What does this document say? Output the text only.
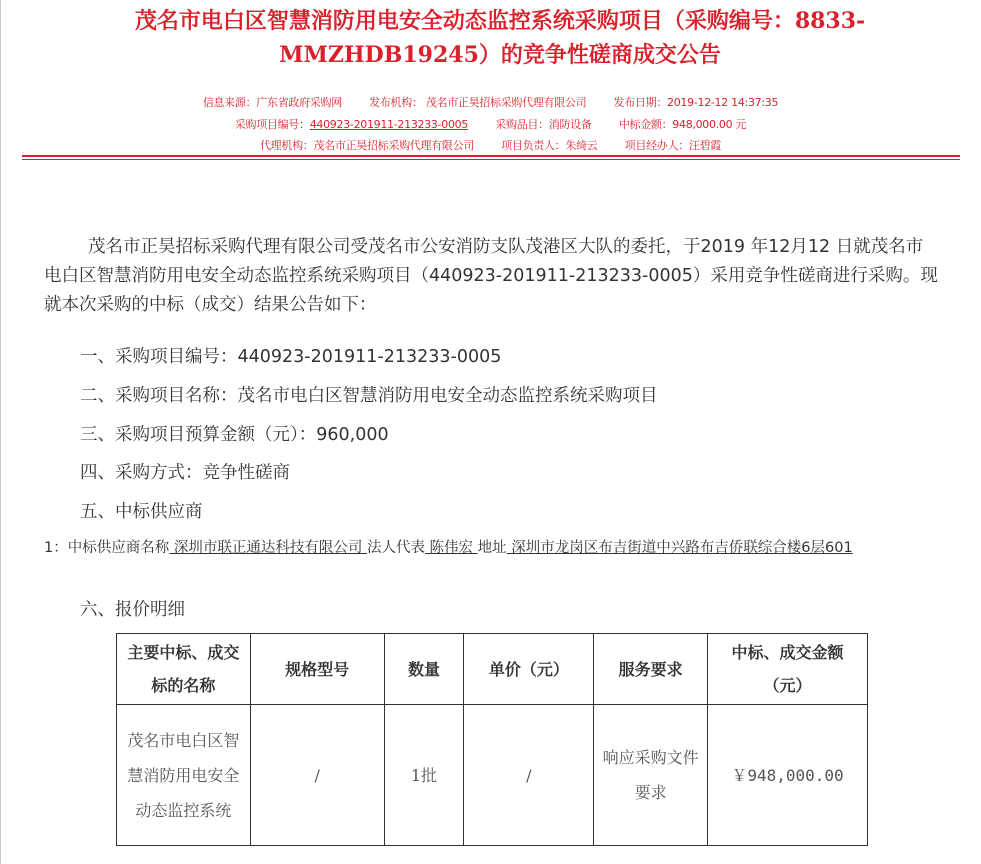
茂名市电白区智慧消防用电安全动态监控系统采购项目（采购编号：8833-MMZHDB19245）的竞争性磋商成交公告
信息来源：广东省政府采购网 发布机构： 茂名市正昊招标采购代理有限公司 发布日期：2019-12-12 14:37:35
采购项目编号：440923-201911-213233-0005 采购品目：消防设备 中标金额：948,000.00 元
代理机构：茂名市正昊招标采购代理有限公司 项目负责人：朱绮云 项目经办人：汪碧霞

茂名市正昊招标采购代理有限公司受茂名市公安消防支队茂港区大队的委托，于2019 年12月12 日就茂名市电白区智慧消防用电安全动态监控系统采购项目（440923-201911-213233-0005）采用竞争性磋商进行采购。现就本次采购的中标（成交）结果公告如下：

一、采购项目编号：440923-201911-213233-0005
二、采购项目名称：茂名市电白区智慧消防用电安全动态监控系统采购项目
三、采购项目预算金额（元）：960,000
四、采购方式：竞争性磋商
五、中标供应商

1：中标供应商名称 深圳市联正通达科技有限公司 法人代表 陈伟宏 地址 深圳市龙岗区布吉街道中兴路布吉侨联综合楼6层601

六、报价明细
主要中标、成交标的名称	规格型号	数量	单价（元）	服务要求	中标、成交金额（元）
茂名市电白区智慧消防用电安全动态监控系统	/	1批	/	响应采购文件要求	￥948,000.00
